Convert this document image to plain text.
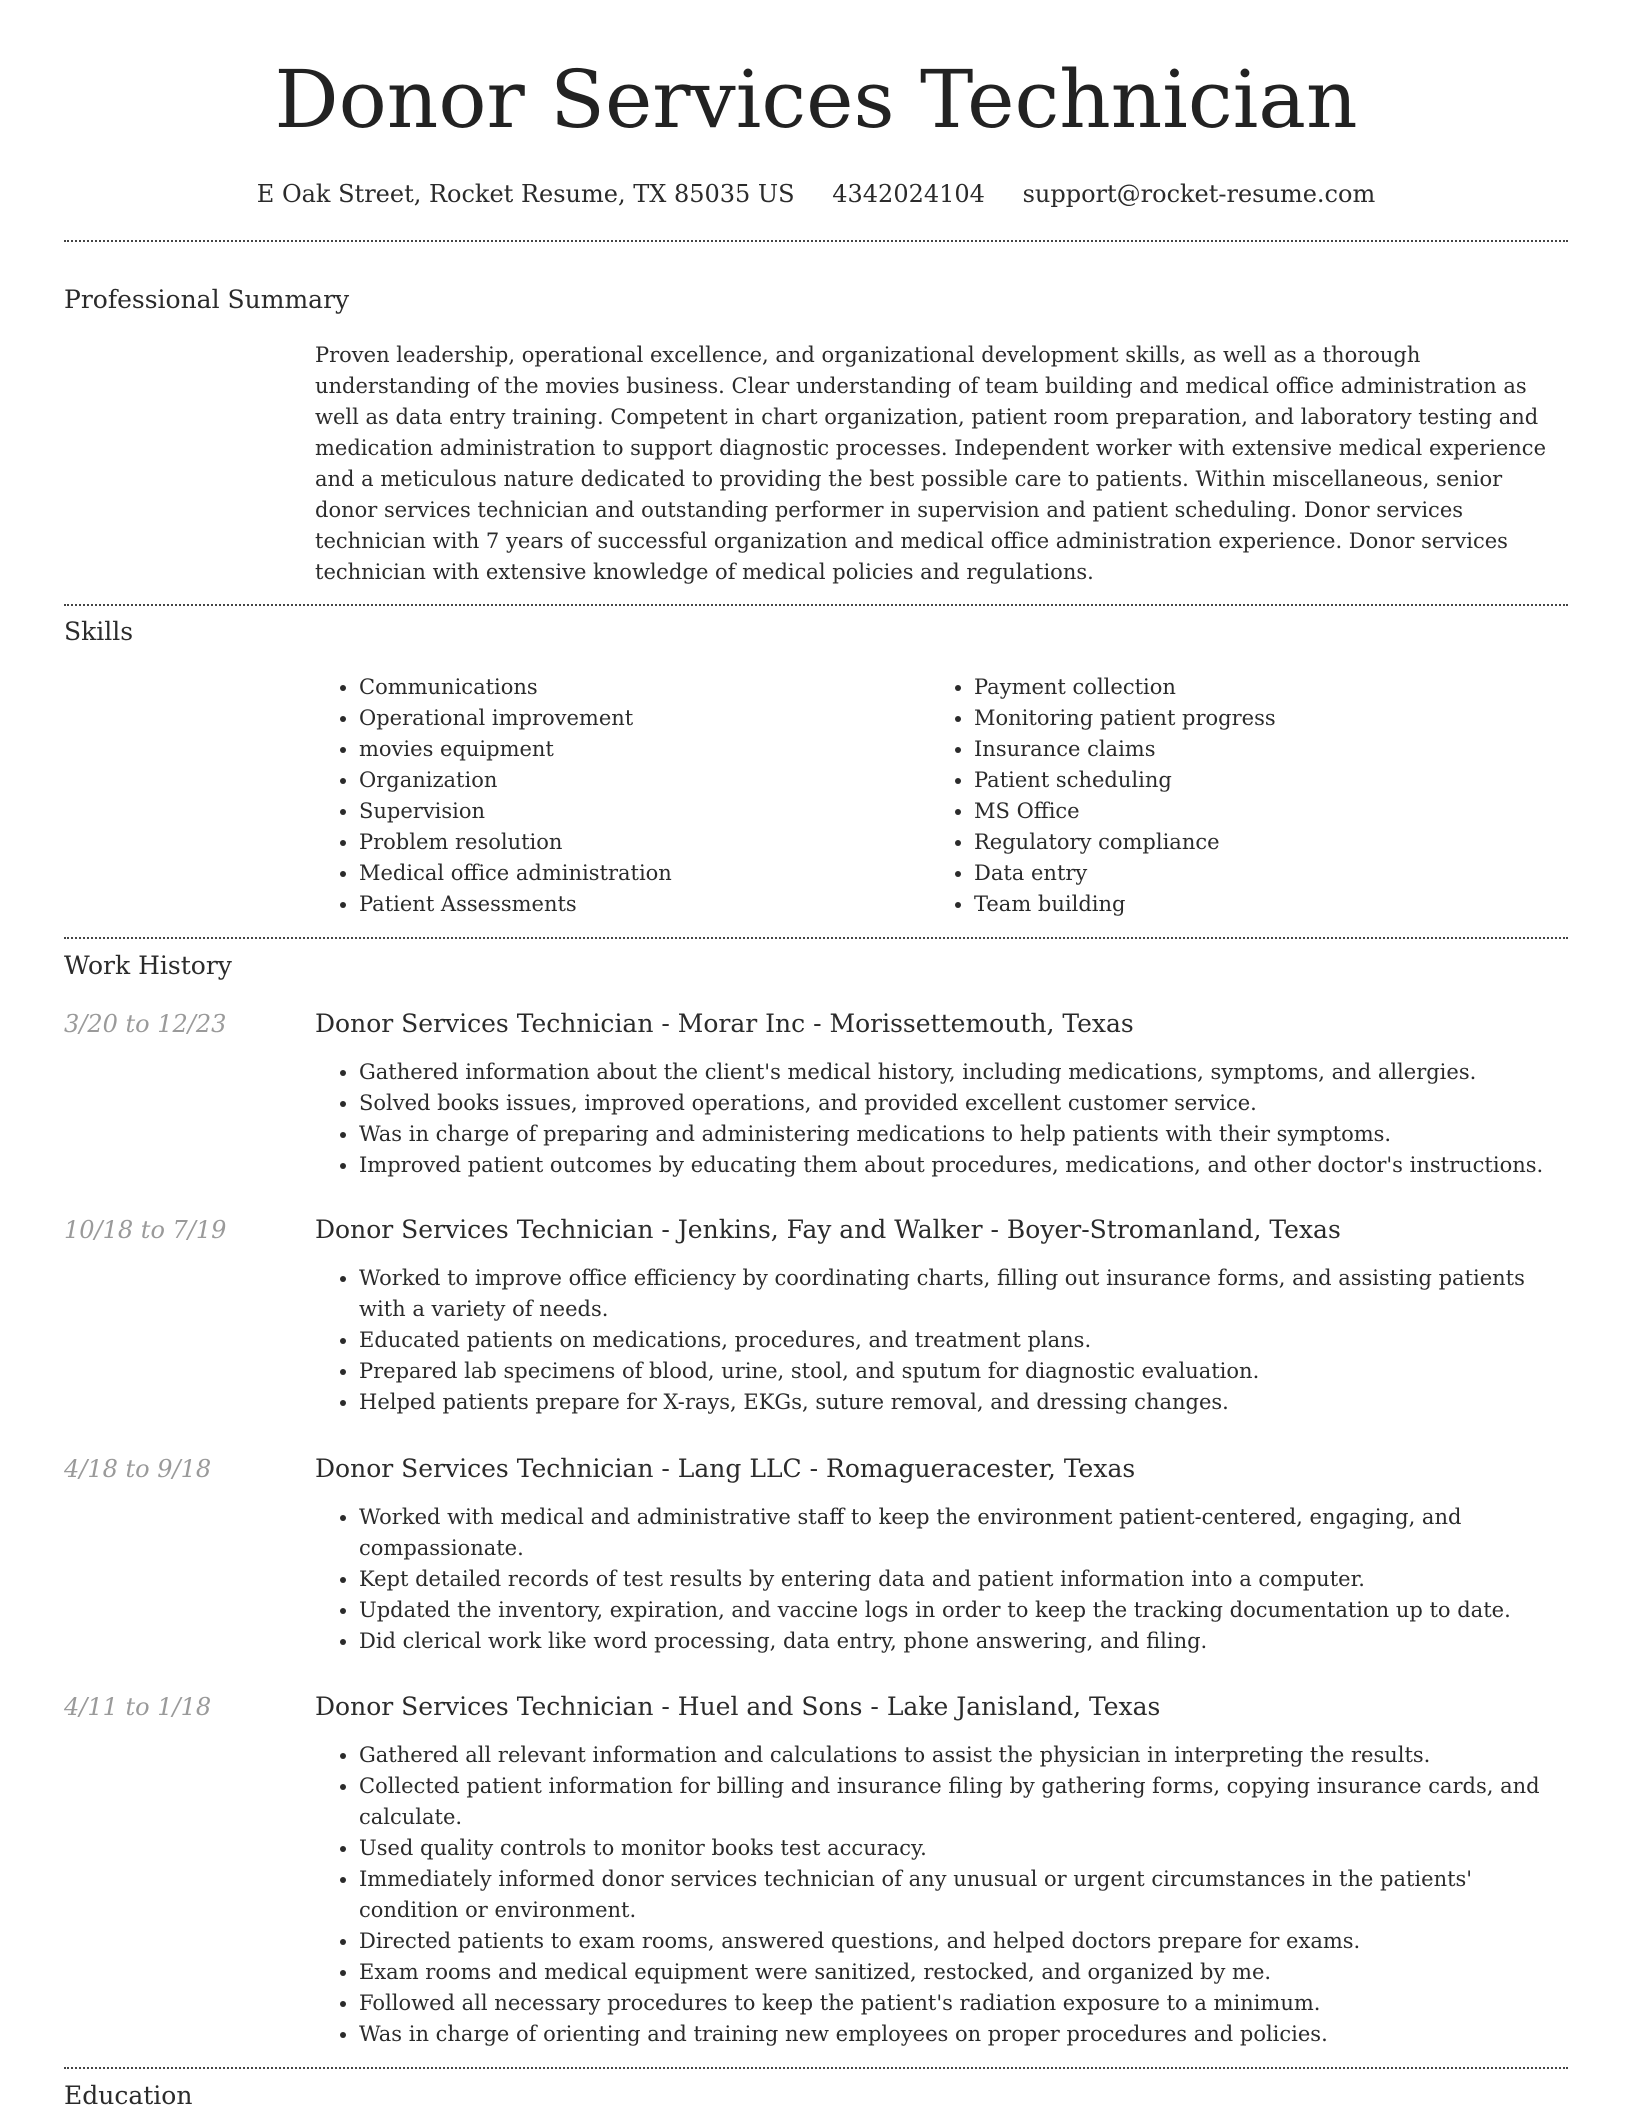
Donor Services Technician
E Oak Street, Rocket Resume, TX 85035 US 4342024104 support@rocket-resume.com
Professional Summary

Proven leadership, operational excellence, and organizational development skills, as well as a thorough understanding of the movies business. Clear understanding of team building and medical office administration as well as data entry training. Competent in chart organization, patient room preparation, and laboratory testing and medication administration to support diagnostic processes. Independent worker with extensive medical experience and a meticulous nature dedicated to providing the best possible care to patients. Within miscellaneous, senior donor services technician and outstanding performer in supervision and patient scheduling. Donor services technician with 7 years of successful organization and medical office administration experience. Donor services technician with extensive knowledge of medical policies and regulations.

Skills
• Communications
• Operational improvement
• movies equipment
• Organization
• Supervision
• Problem resolution
• Medical office administration
• Patient Assessments
• Payment collection
• Monitoring patient progress
• Insurance claims
• Patient scheduling
• MS Office
• Regulatory compliance
• Data entry
• Team building
Work History
3/20 to 12/23	Donor Services Technician - Morar Inc - Morissettemouth, Texas
• Gathered information about the client's medical history, including medications, symptoms, and allergies.
• Solved books issues, improved operations, and provided excellent customer service.
• Was in charge of preparing and administering medications to help patients with their symptoms.
• Improved patient outcomes by educating them about procedures, medications, and other doctor's instructions.
10/18 to 7/19	Donor Services Technician - Jenkins, Fay and Walker - Boyer-Stromanland, Texas
• Worked to improve office efficiency by coordinating charts, filling out insurance forms, and assisting patients with a variety of needs.
• Educated patients on medications, procedures, and treatment plans.
• Prepared lab specimens of blood, urine, stool, and sputum for diagnostic evaluation.
• Helped patients prepare for X-rays, EKGs, suture removal, and dressing changes.
4/18 to 9/18	Donor Services Technician - Lang LLC - Romagueracester, Texas
• Worked with medical and administrative staff to keep the environment patient-centered, engaging, and compassionate.
• Kept detailed records of test results by entering data and patient information into a computer.
• Updated the inventory, expiration, and vaccine logs in order to keep the tracking documentation up to date.
• Did clerical work like word processing, data entry, phone answering, and filing.
4/11 to 1/18	Donor Services Technician - Huel and Sons - Lake Janisland, Texas
• Gathered all relevant information and calculations to assist the physician in interpreting the results.
• Collected patient information for billing and insurance filing by gathering forms, copying insurance cards, and calculate.
• Used quality controls to monitor books test accuracy.
• Immediately informed donor services technician of any unusual or urgent circumstances in the patients' condition or environment.
• Directed patients to exam rooms, answered questions, and helped doctors prepare for exams.
• Exam rooms and medical equipment were sanitized, restocked, and organized by me.
• Followed all necessary procedures to keep the patient's radiation exposure to a minimum.
• Was in charge of orienting and training new employees on proper procedures and policies.
Education
